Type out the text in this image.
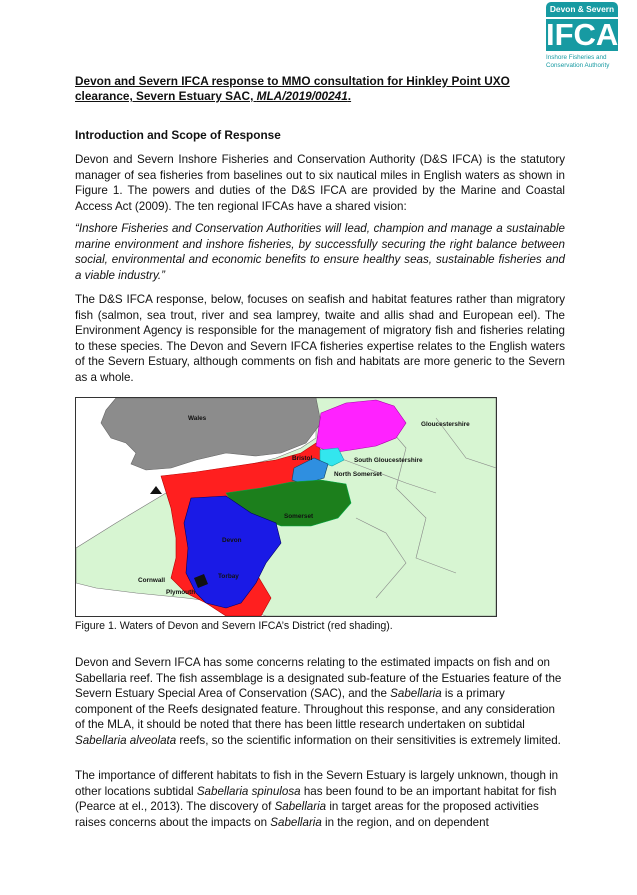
Devon & Severn
IFCA
Inshore Fisheries and Conservation Authority
Devon and Severn IFCA response to MMO consultation for Hinkley Point UXO clearance, Severn Estuary SAC, MLA/2019/00241.
Introduction and Scope of Response
Devon and Severn Inshore Fisheries and Conservation Authority (D&S IFCA) is the statutory manager of sea fisheries from baselines out to six nautical miles in English waters as shown in Figure 1. The powers and duties of the D&S IFCA are provided by the Marine and Coastal Access Act (2009). The ten regional IFCAs have a shared vision:
“Inshore Fisheries and Conservation Authorities will lead, champion and manage a sustainable marine environment and inshore fisheries, by successfully securing the right balance between social, environmental and economic benefits to ensure healthy seas, sustainable fisheries and a viable industry.”
The D&S IFCA response, below, focuses on seafish and habitat features rather than migratory fish (salmon, sea trout, river and sea lamprey, twaite and allis shad and European eel). The Environment Agency is responsible for the management of migratory fish and fisheries relating to these species. The Devon and Severn IFCA fisheries expertise relates to the English waters of the Severn Estuary, although comments on fish and habitats are more generic to the Severn as a whole.
Wales
Gloucestershire
Bristol	South Gloucestershire
North Somerset
Somerset
Devon
Torbay
Cornwall
Plymouth
Figure 1. Waters of Devon and Severn IFCA’s District (red shading).
Devon and Severn IFCA has some concerns relating to the estimated impacts on fish and on Sabellaria reef. The fish assemblage is a designated sub-feature of the Estuaries feature of the Severn Estuary Special Area of Conservation (SAC), and the Sabellaria is a primary component of the Reefs designated feature. Throughout this response, and any consideration of the MLA, it should be noted that there has been little research undertaken on subtidal Sabellaria alveolata reefs, so the scientific information on their sensitivities is extremely limited.
The importance of different habitats to fish in the Severn Estuary is largely unknown, though in other locations subtidal Sabellaria spinulosa has been found to be an important habitat for fish (Pearce at el., 2013). The discovery of Sabellaria in target areas for the proposed activities raises concerns about the impacts on Sabellaria in the region, and on dependent
